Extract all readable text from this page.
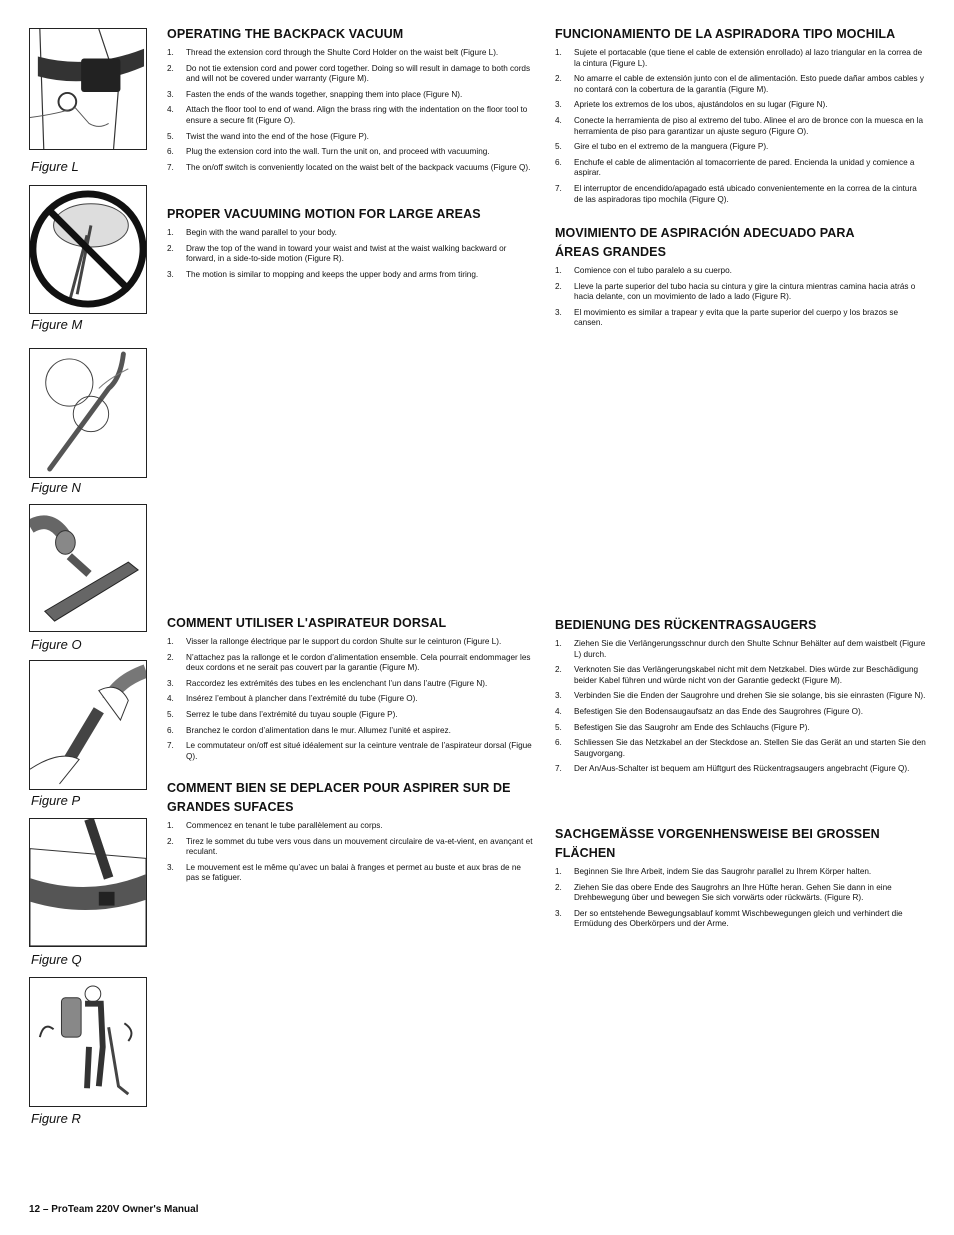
Figure L
Figure M
Figure N
Figure O
Figure P
Figure Q
Figure R
OPERATING THE BACKPACK VACUUM
1. Thread the extension cord through the Shulte Cord Holder on the waist belt (Figure L).
2. Do not tie extension cord and power cord together. Doing so will result in damage to both cords and will not be covered under warranty (Figure M).
3. Fasten the ends of the wands together, snapping them into place (Figure N).
4. Attach the floor tool to end of wand. Align the brass ring with the indentation on the floor tool to ensure a secure fit (Figure O).
5. Twist the wand into the end of the hose (Figure P).
6. Plug the extension cord into the wall. Turn the unit on, and proceed with vacuuming.
7. The on/off switch is conveniently located on the waist belt of the backpack vacuums (Figure Q).
PROPER VACUUMING MOTION FOR LARGE AREAS
1. Begin with the wand parallel to your body.
2. Draw the top of the wand in toward your waist and twist at the waist walking backward or forward, in a side-to-side motion (Figure R).
3. The motion is similar to mopping and keeps the upper body and arms from tiring.
FUNCIONAMIENTO DE LA ASPIRADORA TIPO MOCHILA
1. Sujete el portacable (que tiene el cable de extensión enrollado) al lazo triangular en la correa de la cintura (Figure L).
2. No amarre el cable de extensión junto con el de alimentación. Esto puede dañar ambos cables y no contará con la cobertura de la garantía (Figure M).
3. Apriete los extremos de los ubos, ajustándolos en su lugar (Figure N).
4. Conecte la herramienta de piso al extremo del tubo. Alinee el aro de bronce con la muesca en la herramienta de piso para garantizar un ajuste seguro (Figure O).
5. Gire el tubo en el extremo de la manguera (Figure P).
6. Enchufe el cable de alimentación al tomacorriente de pared. Encienda la unidad y comience a aspirar.
7. El interruptor de encendido/apagado está ubicado convenientemente en la correa de la cintura de las aspiradoras tipo mochila (Figure Q).
MOVIMIENTO DE ASPIRACIÓN ADECUADO PARA ÁREAS GRANDES
1. Comience con el tubo paralelo a su cuerpo.
2. Lleve la parte superior del tubo hacia su cintura y gire la cintura mientras camina hacia atrás o hacia delante, con un movimiento de lado a lado (Figure R).
3. El movimiento es similar a trapear y evita que la parte superior del cuerpo y los brazos se cansen.
COMMENT UTILISER L'ASPIRATEUR DORSAL
1. Visser la rallonge électrique par le support du cordon Shulte sur le ceinturon (Figure L).
2. N’attachez pas la rallonge et le cordon d’alimentation ensemble. Cela pourrait endommager les deux cordons et ne serait pas couvert par la garantie (Figure M).
3. Raccordez les extrémités des tubes en les enclenchant l’un dans l’autre (Figure N).
4. Insérez l’embout à plancher dans l’extrémité du tube (Figure O).
5. Serrez le tube dans l’extrémité du tuyau souple (Figure P).
6. Branchez le cordon d’alimentation dans le mur. Allumez l’unité et aspirez.
7. Le commutateur on/off est situé idéalement sur la ceinture ventrale de l’aspirateur dorsal (Figue Q).
COMMENT BIEN SE DEPLACER POUR ASPIRER SUR DE GRANDES SUFACES
1. Commencez en tenant le tube parallèlement au corps.
2. Tirez le sommet du tube vers vous dans un mouvement circulaire de va-et-vient, en avançant et reculant.
3. Le mouvement est le même qu’avec un balai à franges et permet au buste et aux bras de ne pas se fatiguer.
BEDIENUNG DES RÜCKENTRAGSAUGERS
1. Ziehen Sie die Verlängerungsschnur durch den Shulte Schnur Behälter auf dem waistbelt (Figure L) durch.
2. Verknoten Sie das Verlängerungskabel nicht mit dem Netzkabel. Dies würde zur Beschädigung beider Kabel führen und würde nicht von der Garantie gedeckt (Figure M).
3. Verbinden Sie die Enden der Saugrohre und drehen Sie sie solange, bis sie einrasten (Figure N).
4. Befestigen Sie den Bodensaugaufsatz an das Ende des Saugrohres (Figure O).
5. Befestigen Sie das Saugrohr am Ende des Schlauchs (Figure P).
6. Schliessen Sie das Netzkabel an der Steckdose an. Stellen Sie das Gerät an und starten Sie den Saugvorgang.
7. Der An/Aus-Schalter ist bequem am Hüftgurt des Rückentragsaugers angebracht (Figure Q).
SACHGEMÄSSE VORGENHENSWEISE BEI GROSSEN FLÄCHEN
1. Beginnen Sie Ihre Arbeit, indem Sie das Saugrohr parallel zu Ihrem Körper halten.
2. Ziehen Sie das obere Ende des Saugrohrs an Ihre Hüfte heran. Gehen Sie dann in eine Drehbewegung über und bewegen Sie sich vorwärts oder rückwärts. (Figure R).
3. Der so entstehende Bewegungsablauf kommt Wischbewegungen gleich und verhindert die Ermüdung des Oberkörpers und der Arme.
12 – ProTeam 220V Owner's Manual
